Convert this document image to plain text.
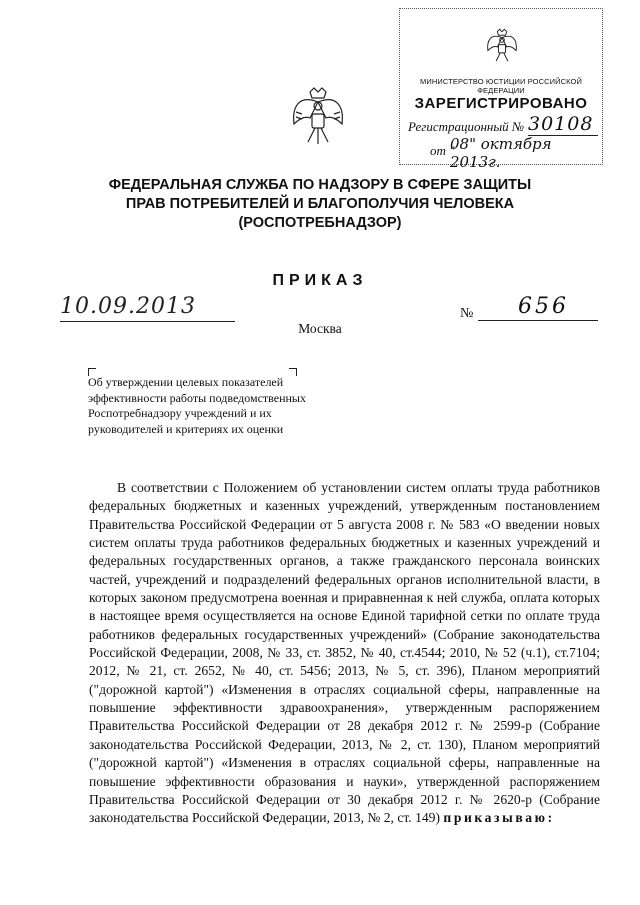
МИНИСТЕРСТВО ЮСТИЦИИ РОССИЙСКОЙ ФЕДЕРАЦИИ
ЗАРЕГИСТРИРОВАНО
Регистрационный № 30108
от "
08" октября 2013г.
ФЕДЕРАЛЬНАЯ СЛУЖБА ПО НАДЗОРУ В СФЕРЕ ЗАЩИТЫ
ПРАВ ПОТРЕБИТЕЛЕЙ И БЛАГОПОЛУЧИЯ ЧЕЛОВЕКА
(РОСПОТРЕБНАДЗОР)
ПРИКАЗ
10.09.2013	№	656
Москва
Об утверждении целевых показателей эффективности работы подведомственных Роспотребнадзору учреждений и их руководителей и критериях их оценки
В соответствии с Положением об установлении систем оплаты труда работников федеральных бюджетных и казенных учреждений, утвержденным постановлением Правительства Российской Федерации от 5 августа 2008 г. № 583 «О введении новых систем оплаты труда работников федеральных бюджетных и казенных учреждений и федеральных государственных органов, а также гражданского персонала воинских частей, учреждений и подразделений федеральных органов исполнительной власти, в которых законом предусмотрена военная и приравненная к ней служба, оплата которых в настоящее время осуществляется на основе Единой тарифной сетки по оплате труда работников федеральных государственных учреждений» (Собрание законодательства Российской Федерации, 2008, № 33, ст. 3852, № 40, ст.4544; 2010, № 52 (ч.1), ст.7104; 2012, № 21, ст. 2652, № 40, ст. 5456; 2013, № 5, ст. 396), Планом мероприятий ("дорожной картой") «Изменения в отраслях социальной сферы, направленные на повышение эффективности здравоохранения», утвержденным распоряжением Правительства Российской Федерации от 28 декабря 2012 г. № 2599-р (Собрание законодательства Российской Федерации, 2013, № 2, ст. 130), Планом мероприятий ("дорожной картой") «Изменения в отраслях социальной сферы, направленные на повышение эффективности образования и науки», утвержденной распоряжением Правительства Российской Федерации от 30 декабря 2012 г. № 2620-р (Собрание законодательства Российской Федерации, 2013, № 2, ст. 149) приказываю:
